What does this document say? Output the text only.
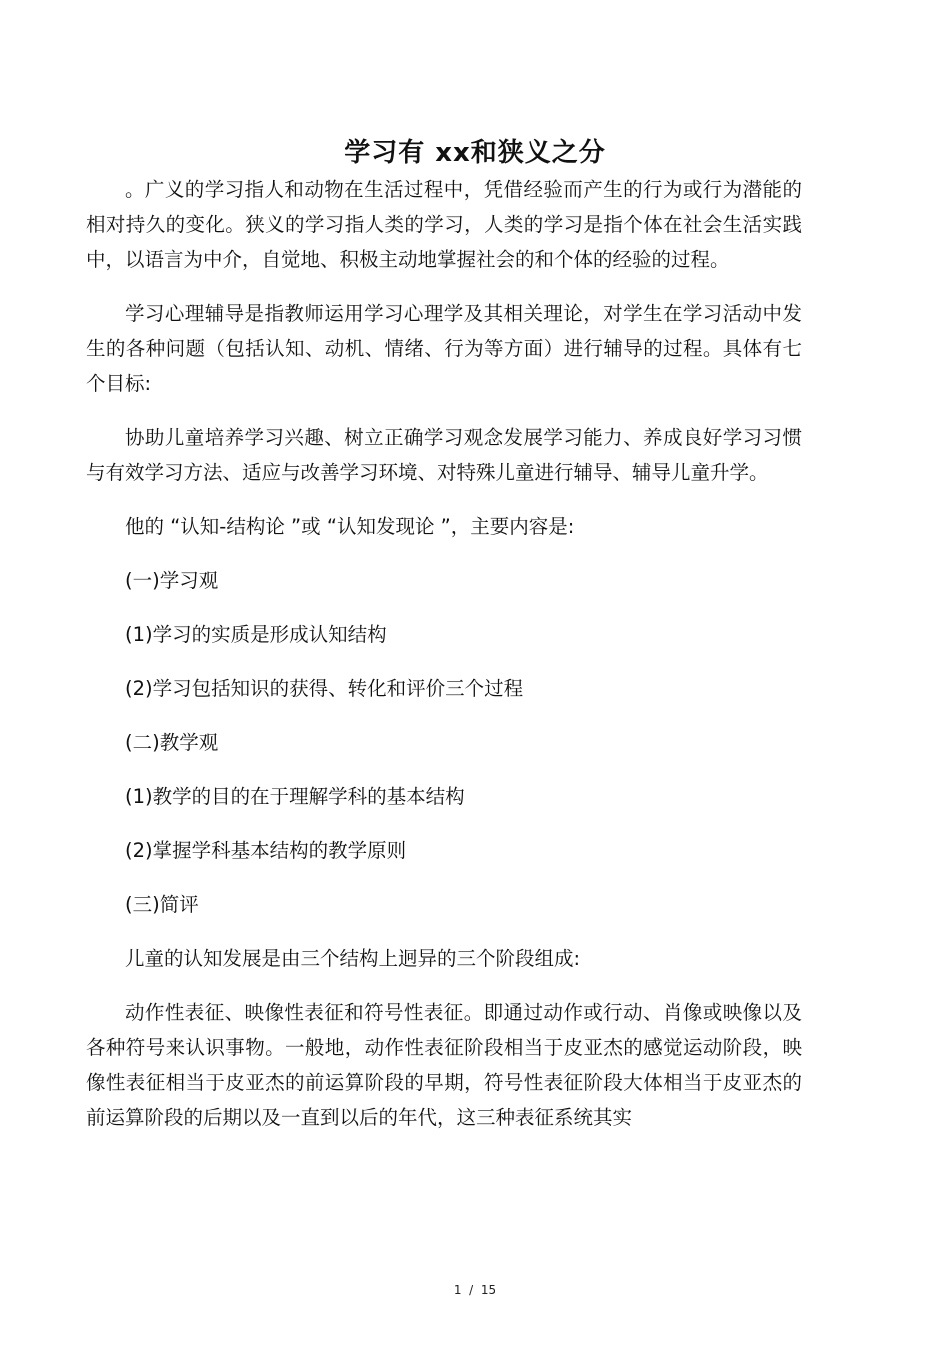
学习有 xx和狭义之分

。广义的学习指人和动物在生活过程中，凭借经验而产生的行为或行为潜能的相对持久的变化。狭义的学习指人类的学习，人类的学习是指个体在社会生活实践中，以语言为中介，自觉地、积极主动地掌握社会的和个体的经验的过程。

学习心理辅导是指教师运用学习心理学及其相关理论，对学生在学习活动中发生的各种问题（包括认知、动机、情绪、行为等方面）进行辅导的过程。具体有七个目标:

协助儿童培养学习兴趣、树立正确学习观念发展学习能力、养成良好学习习惯与有效学习方法、适应与改善学习环境、对特殊儿童进行辅导、辅导儿童升学。

他的 “认知-结构论 ”或 “认知发现论 ”，主要内容是:

(一)学习观

(1)学习的实质是形成认知结构

(2)学习包括知识的获得、转化和评价三个过程

(二)教学观

(1)教学的目的在于理解学科的基本结构

(2)掌握学科基本结构的教学原则

(三)简评

儿童的认知发展是由三个结构上迥异的三个阶段组成:

动作性表征、映像性表征和符号性表征。即通过动作或行动、肖像或映像以及各种符号来认识事物。一般地，动作性表征阶段相当于皮亚杰的感觉运动阶段，映像性表征相当于皮亚杰的前运算阶段的早期，符号性表征阶段大体相当于皮亚杰的前运算阶段的后期以及一直到以后的年代，这三种表征系统其实

1  /  15
